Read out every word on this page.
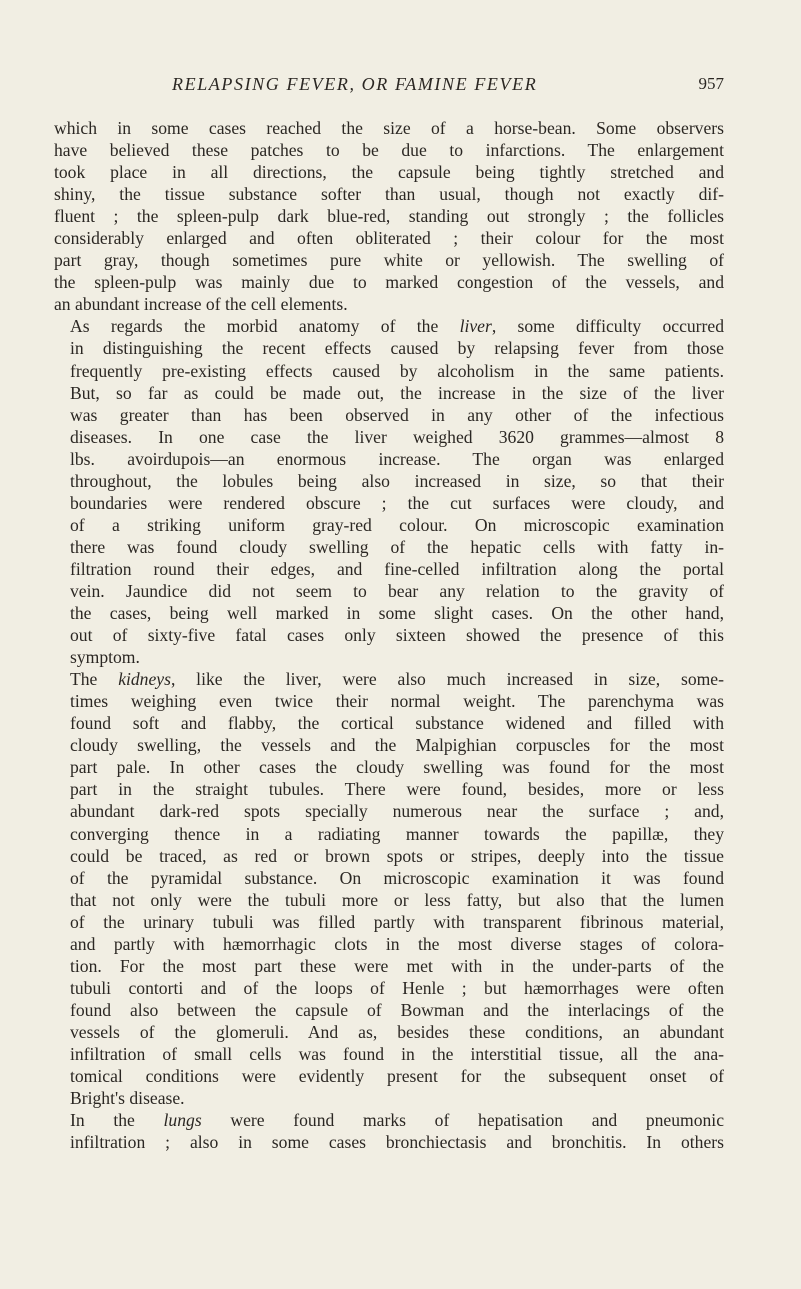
RELAPSING FEVER, OR FAMINE FEVER	957

which in some cases reached the size of a horse-bean. Some observers
have believed these patches to be due to infarctions. The enlargement
took place in all directions, the capsule being tightly stretched and
shiny, the tissue substance softer than usual, though not exactly dif-
fluent ; the spleen-pulp dark blue-red, standing out strongly ; the follicles
considerably enlarged and often obliterated ; their colour for the most
part gray, though sometimes pure white or yellowish. The swelling of
the spleen-pulp was mainly due to marked congestion of the vessels, and
an abundant increase of the cell elements.

As regards the morbid anatomy of the liver, some difficulty occurred
in distinguishing the recent effects caused by relapsing fever from those
frequently pre-existing effects caused by alcoholism in the same patients.
But, so far as could be made out, the increase in the size of the liver
was greater than has been observed in any other of the infectious
diseases. In one case the liver weighed 3620 grammes—almost 8
lbs. avoirdupois—an enormous increase. The organ was enlarged
throughout, the lobules being also increased in size, so that their
boundaries were rendered obscure ; the cut surfaces were cloudy, and
of a striking uniform gray-red colour. On microscopic examination
there was found cloudy swelling of the hepatic cells with fatty in-
filtration round their edges, and fine-celled infiltration along the portal
vein. Jaundice did not seem to bear any relation to the gravity of
the cases, being well marked in some slight cases. On the other hand,
out of sixty-five fatal cases only sixteen showed the presence of this
symptom.

The kidneys, like the liver, were also much increased in size, some-
times weighing even twice their normal weight. The parenchyma was
found soft and flabby, the cortical substance widened and filled with
cloudy swelling, the vessels and the Malpighian corpuscles for the most
part pale. In other cases the cloudy swelling was found for the most
part in the straight tubules. There were found, besides, more or less
abundant dark-red spots specially numerous near the surface ; and,
converging thence in a radiating manner towards the papillæ, they
could be traced, as red or brown spots or stripes, deeply into the tissue
of the pyramidal substance. On microscopic examination it was found
that not only were the tubuli more or less fatty, but also that the lumen
of the urinary tubuli was filled partly with transparent fibrinous material,
and partly with hæmorrhagic clots in the most diverse stages of colora-
tion. For the most part these were met with in the under-parts of the
tubuli contorti and of the loops of Henle ; but hæmorrhages were often
found also between the capsule of Bowman and the interlacings of the
vessels of the glomeruli. And as, besides these conditions, an abundant
infiltration of small cells was found in the interstitial tissue, all the ana-
tomical conditions were evidently present for the subsequent onset of
Bright's disease.

In the lungs were found marks of hepatisation and pneumonic
infiltration ; also in some cases bronchiectasis and bronchitis. In others
